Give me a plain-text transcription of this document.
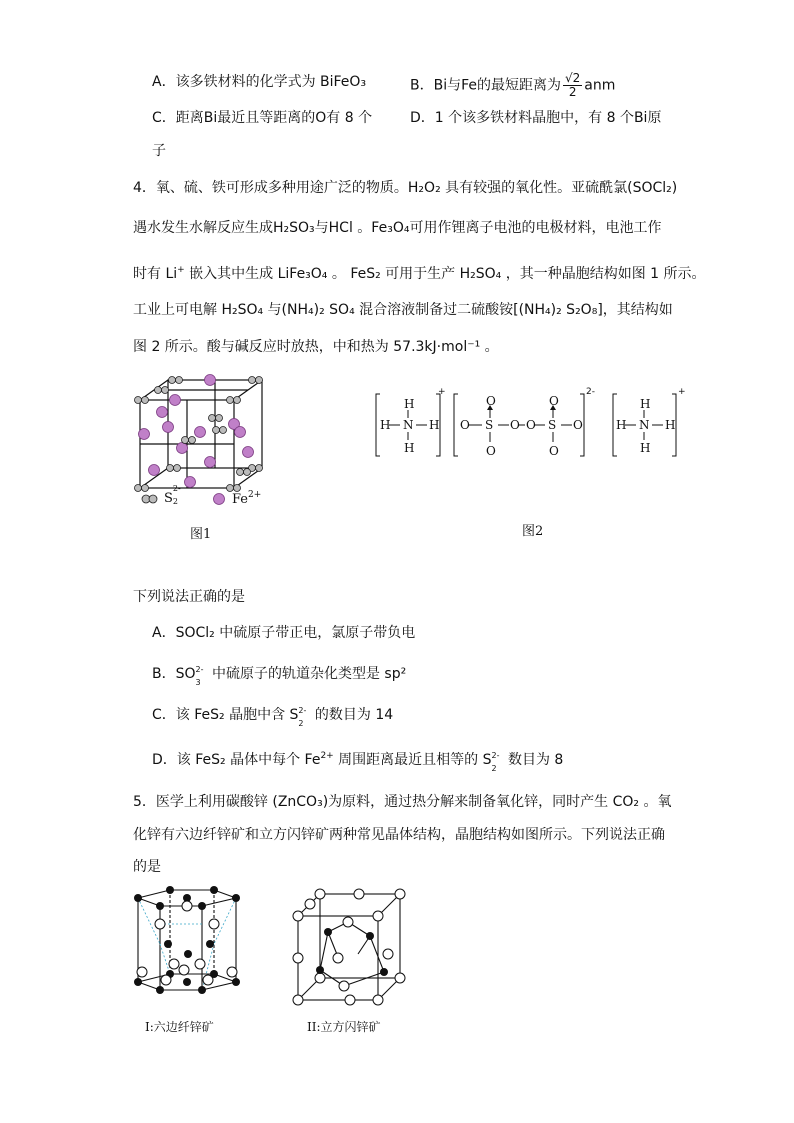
A．该多铁材料的化学式为 BiFeO₃	B．Bi与Fe的最短距离为 $\frac{√2}{2}$ anm
C．距离Bi最近且等距离的O有 8 个	D．1 个该多铁材料晶胞中，有 8 个Bi原
子
4．氧、硫、铁可形成多种用途广泛的物质。H₂O₂ 具有较强的氧化性。亚硫酰氯(SOCl₂)
遇水发生水解反应生成H₂SO₃与HCl 。Fe₃O₄可用作锂离子电池的电极材料，电池工作
时有 Li+ 嵌入其中生成 LiFe₃O₄ 。 FeS₂ 可用于生产 H₂SO₄ ，其一种晶胞结构如图 1 所示。
工业上可电解 H₂SO₄ 与(NH₄)₂ SO₄ 混合溶液制备过二硫酸铵[(NH₄)₂ S₂O₈]，其结构如
图 2 所示。酸与碱反应时放热，中和热为 57.3kJ·mol⁻¹ 。
S
2-
2	$Fe^{2+}$
图1
H
H N H
H
O
O S O O S O
O
O
O
H
H N H
H
+	2-	+
图2
下列说法正确的是
A．SOCl₂ 中硫原子带正电，氯原子带负电
B．SO 2-
3
中硫原子的轨道杂化类型是 sp²
C．该 FeS₂ 晶胞中含 S 2-
2
的数目为 14
D．该 FeS₂ 晶体中每个 $Fe^{2+}$ 周围距离最近且相等的 S 2-
2
数目为 8
5．医学上利用碳酸锌 (ZnCO₃)为原料，通过热分解来制备氧化锌，同时产生 CO₂ 。氧
化锌有六边纤锌矿和立方闪锌矿两种常见晶体结构，晶胞结构如图所示。下列说法正确
的是
I:六边纤锌矿	II:立方闪锌矿
